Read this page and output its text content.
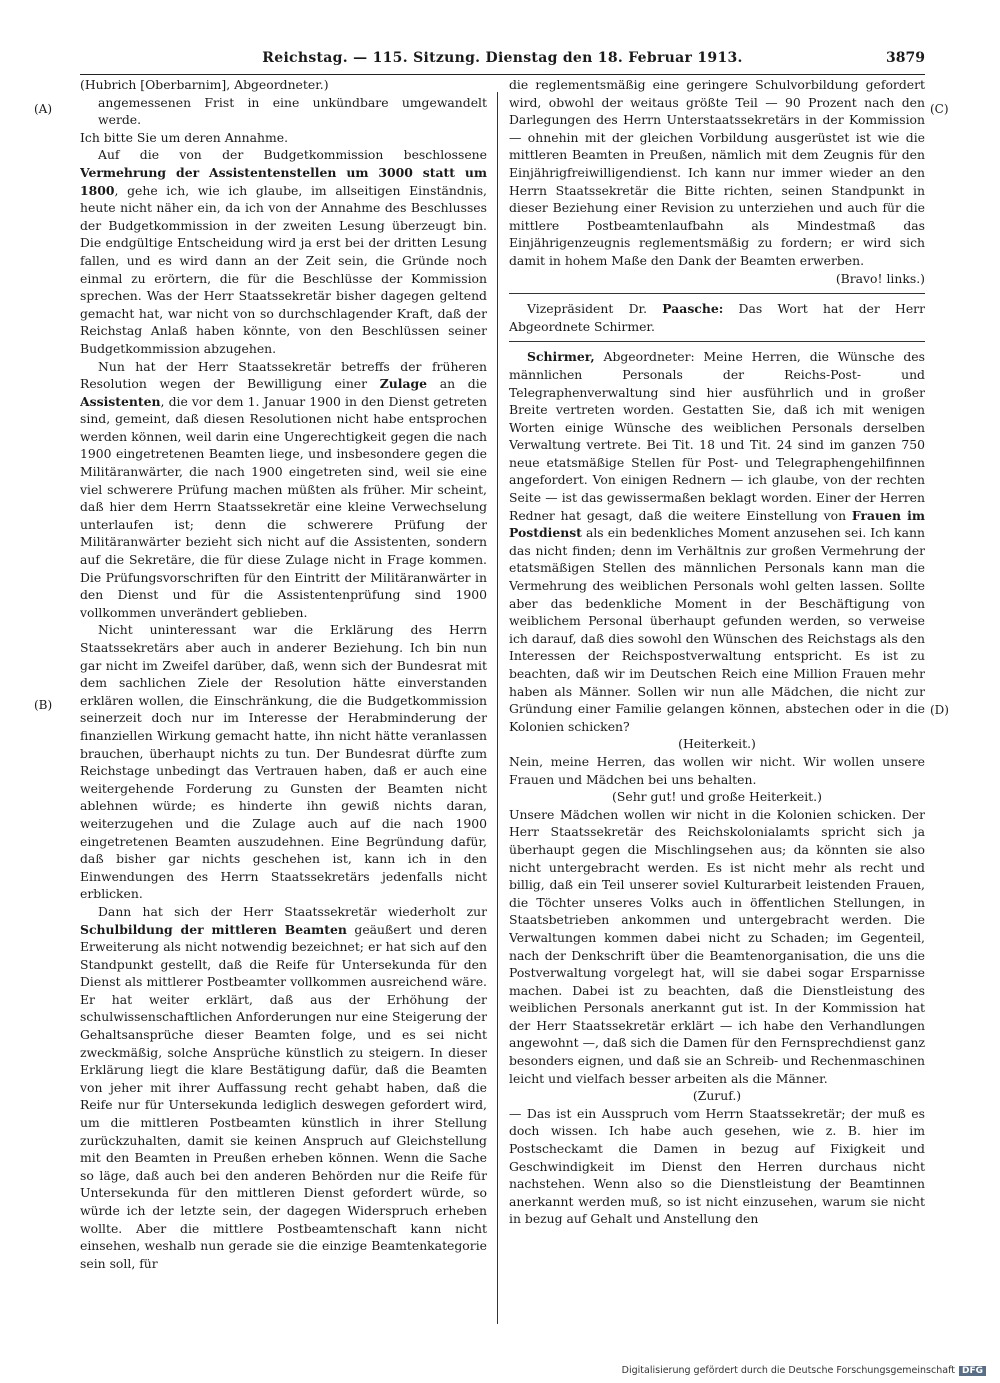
Reichstag. — 115. Sitzung. Dienstag den 18. Februar 1913.	3879
(A)
(B)
(C)
(D)

(Hubrich [Oberbarnim], Abgeordneter.)

angemessenen Frist in eine unkündbare umgewandelt werde.

Ich bitte Sie um deren Annahme.

Auf die von der Budgetkommission beschlossene Vermehrung der Assistentenstellen um 3000 statt um 1800, gehe ich, wie ich glaube, im allseitigen Einständnis, heute nicht näher ein, da ich von der Annahme des Beschlusses der Budgetkommission in der zweiten Lesung überzeugt bin. Die endgültige Entscheidung wird ja erst bei der dritten Lesung fallen, und es wird dann an der Zeit sein, die Gründe noch einmal zu erörtern, die für die Beschlüsse der Kommission sprechen. Was der Herr Staatssekretär bisher dagegen geltend gemacht hat, war nicht von so durchschlagender Kraft, daß der Reichstag Anlaß haben könnte, von den Beschlüssen seiner Budgetkommission abzugehen.

Nun hat der Herr Staatssekretär betreffs der früheren Resolution wegen der Bewilligung einer Zulage an die Assistenten, die vor dem 1. Januar 1900 in den Dienst getreten sind, gemeint, daß diesen Resolutionen nicht habe entsprochen werden können, weil darin eine Ungerechtigkeit gegen die nach 1900 eingetretenen Beamten liege, und insbesondere gegen die Militäranwärter, die nach 1900 eingetreten sind, weil sie eine viel schwerere Prüfung machen müßten als früher. Mir scheint, daß hier dem Herrn Staatssekretär eine kleine Verwechselung unterlaufen ist; denn die schwerere Prüfung der Militäranwärter bezieht sich nicht auf die Assistenten, sondern auf die Sekretäre, die für diese Zulage nicht in Frage kommen. Die Prüfungsvorschriften für den Eintritt der Militäranwärter in den Dienst und für die Assistentenprüfung sind 1900 vollkommen unverändert geblieben.

Nicht uninteressant war die Erklärung des Herrn Staatssekretärs aber auch in anderer Beziehung. Ich bin nun gar nicht im Zweifel darüber, daß, wenn sich der Bundesrat mit dem sachlichen Ziele der Resolution hätte einverstanden erklären wollen, die Einschränkung, die die Budgetkommission seinerzeit doch nur im Interesse der Herabminderung der finanziellen Wirkung gemacht hatte, ihn nicht hätte veranlassen brauchen, überhaupt nichts zu tun. Der Bundesrat dürfte zum Reichstage unbedingt das Vertrauen haben, daß er auch eine weitergehende Forderung zu Gunsten der Beamten nicht ablehnen würde; es hinderte ihn gewiß nichts daran, weiterzugehen und die Zulage auch auf die nach 1900 eingetretenen Beamten auszudehnen. Eine Begründung dafür, daß bisher gar nichts geschehen ist, kann ich in den Einwendungen des Herrn Staatssekretärs jedenfalls nicht erblicken.

Dann hat sich der Herr Staatssekretär wiederholt zur Schulbildung der mittleren Beamten geäußert und deren Erweiterung als nicht notwendig bezeichnet; er hat sich auf den Standpunkt gestellt, daß die Reife für Untersekunda für den Dienst als mittlerer Postbeamter vollkommen ausreichend wäre. Er hat weiter erklärt, daß aus der Erhöhung der schulwissenschaftlichen Anforderungen nur eine Steigerung der Gehaltsansprüche dieser Beamten folge, und es sei nicht zweckmäßig, solche Ansprüche künstlich zu steigern. In dieser Erklärung liegt die klare Bestätigung dafür, daß die Beamten von jeher mit ihrer Auffassung recht gehabt haben, daß die Reife nur für Untersekunda lediglich deswegen gefordert wird, um die mittleren Postbeamten künstlich in ihrer Stellung zurückzuhalten, damit sie keinen Anspruch auf Gleichstellung mit den Beamten in Preußen erheben können. Wenn die Sache so läge, daß auch bei den anderen Behörden nur die Reife für Untersekunda für den mittleren Dienst gefordert würde, so würde ich der letzte sein, der dagegen Widerspruch erheben wollte. Aber die mittlere Postbeamtenschaft kann nicht einsehen, weshalb nun gerade sie die einzige Beamtenkategorie sein soll, für

die reglementsmäßig eine geringere Schulvorbildung gefordert wird, obwohl der weitaus größte Teil — 90 Prozent nach den Darlegungen des Herrn Unterstaatssekretärs in der Kommission — ohnehin mit der gleichen Vorbildung ausgerüstet ist wie die mittleren Beamten in Preußen, nämlich mit dem Zeugnis für den Einjährigfreiwilligendienst. Ich kann nur immer wieder an den Herrn Staatssekretär die Bitte richten, seinen Standpunkt in dieser Beziehung einer Revision zu unterziehen und auch für die mittlere Postbeamtenlaufbahn als Mindestmaß das Einjährigenzeugnis reglementsmäßig zu fordern; er wird sich damit in hohem Maße den Dank der Beamten erwerben.

(Bravo! links.)

Vizepräsident Dr. Paasche: Das Wort hat der Herr Abgeordnete Schirmer.

Schirmer, Abgeordneter: Meine Herren, die Wünsche des männlichen Personals der Reichs-Post- und Telegraphenverwaltung sind hier ausführlich und in großer Breite vertreten worden. Gestatten Sie, daß ich mit wenigen Worten einige Wünsche des weiblichen Personals derselben Verwaltung vertrete. Bei Tit. 18 und Tit. 24 sind im ganzen 750 neue etatsmäßige Stellen für Post- und Telegraphengehilfinnen angefordert. Von einigen Rednern — ich glaube, von der rechten Seite — ist das gewissermaßen beklagt worden. Einer der Herren Redner hat gesagt, daß die weitere Einstellung von Frauen im Postdienst als ein bedenkliches Moment anzusehen sei. Ich kann das nicht finden; denn im Verhältnis zur großen Vermehrung der etatsmäßigen Stellen des männlichen Personals kann man die Vermehrung des weiblichen Personals wohl gelten lassen. Sollte aber das bedenkliche Moment in der Beschäftigung von weiblichem Personal überhaupt gefunden werden, so verweise ich darauf, daß dies sowohl den Wünschen des Reichstags als den Interessen der Reichspostverwaltung entspricht. Es ist zu beachten, daß wir im Deutschen Reich eine Million Frauen mehr haben als Männer. Sollen wir nun alle Mädchen, die nicht zur Gründung einer Familie gelangen können, abstechen oder in die Kolonien schicken?

(Heiterkeit.)

Nein, meine Herren, das wollen wir nicht. Wir wollen unsere Frauen und Mädchen bei uns behalten.

(Sehr gut! und große Heiterkeit.)

Unsere Mädchen wollen wir nicht in die Kolonien schicken. Der Herr Staatssekretär des Reichskolonialamts spricht sich ja überhaupt gegen die Mischlingsehen aus; da könnten sie also nicht untergebracht werden. Es ist nicht mehr als recht und billig, daß ein Teil unserer soviel Kulturarbeit leistenden Frauen, die Töchter unseres Volks auch in öffentlichen Stellungen, in Staatsbetrieben ankommen und untergebracht werden. Die Verwaltungen kommen dabei nicht zu Schaden; im Gegenteil, nach der Denkschrift über die Beamtenorganisation, die uns die Postverwaltung vorgelegt hat, will sie dabei sogar Ersparnisse machen. Dabei ist zu beachten, daß die Dienstleistung des weiblichen Personals anerkannt gut ist. In der Kommission hat der Herr Staatssekretär erklärt — ich habe den Verhandlungen angewohnt —, daß sich die Damen für den Fernsprechdienst ganz besonders eignen, und daß sie an Schreib- und Rechenmaschinen leicht und vielfach besser arbeiten als die Männer.

(Zuruf.)

— Das ist ein Ausspruch vom Herrn Staatssekretär; der muß es doch wissen. Ich habe auch gesehen, wie z. B. hier im Postscheckamt die Damen in bezug auf Fixigkeit und Geschwindigkeit im Dienst den Herren durchaus nicht nachstehen. Wenn also so die Dienstleistung der Beamtinnen anerkannt werden muß, so ist nicht einzusehen, warum sie nicht in bezug auf Gehalt und Anstellung den

Digitalisierung gefördert durch die Deutsche Forschungsgemeinschaft DFG
